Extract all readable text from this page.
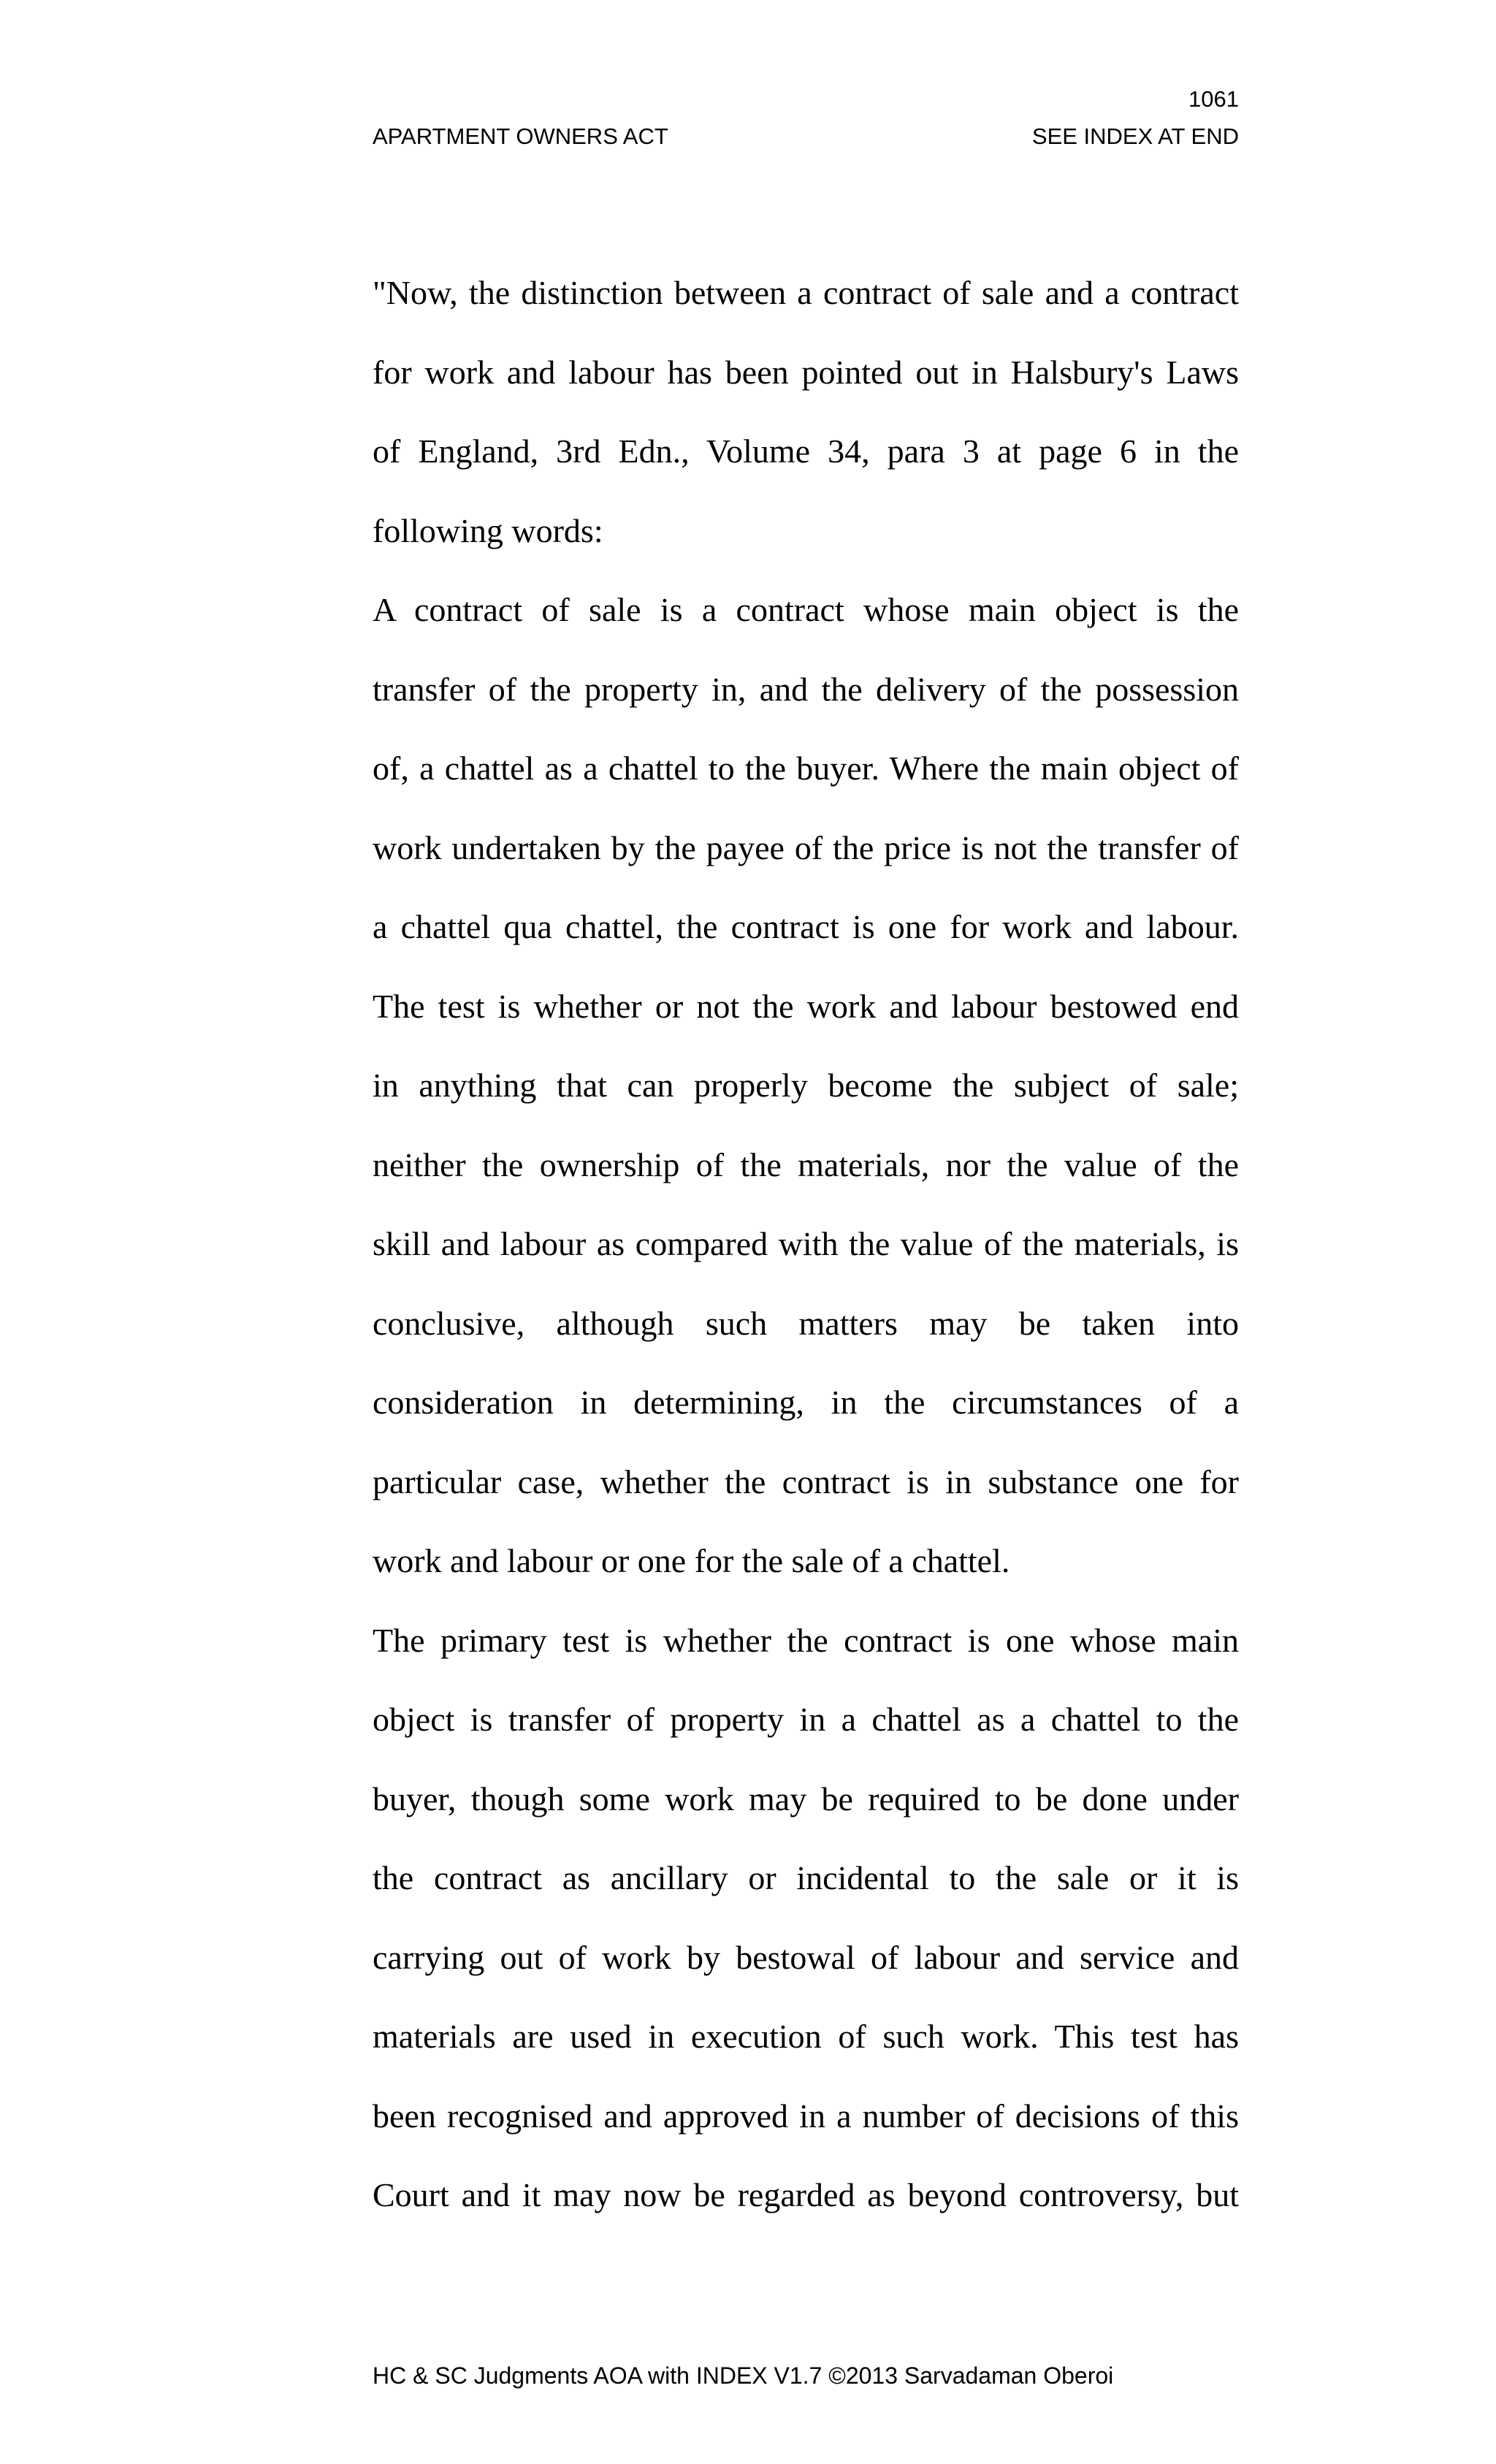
1061
APARTMENT OWNERS ACT	SEE INDEX AT END

"Now, the distinction between a contract of sale and a contract

for work and labour has been pointed out in Halsbury's Laws

of England, 3rd Edn., Volume 34, para 3 at page 6 in the

following words:

A contract of sale is a contract whose main object is the

transfer of the property in, and the delivery of the possession

of, a chattel as a chattel to the buyer. Where the main object of

work undertaken by the payee of the price is not the transfer of

a chattel qua chattel, the contract is one for work and labour.

The test is whether or not the work and labour bestowed end

in anything that can properly become the subject of sale;

neither the ownership of the materials, nor the value of the

skill and labour as compared with the value of the materials, is

conclusive, although such matters may be taken into

consideration in determining, in the circumstances of a

particular case, whether the contract is in substance one for

work and labour or one for the sale of a chattel.

The primary test is whether the contract is one whose main

object is transfer of property in a chattel as a chattel to the

buyer, though some work may be required to be done under

the contract as ancillary or incidental to the sale or it is

carrying out of work by bestowal of labour and service and

materials are used in execution of such work. This test has

been recognised and approved in a number of decisions of this

Court and it may now be regarded as beyond controversy, but

HC & SC Judgments AOA with INDEX V1.7 ©2013 Sarvadaman Oberoi
